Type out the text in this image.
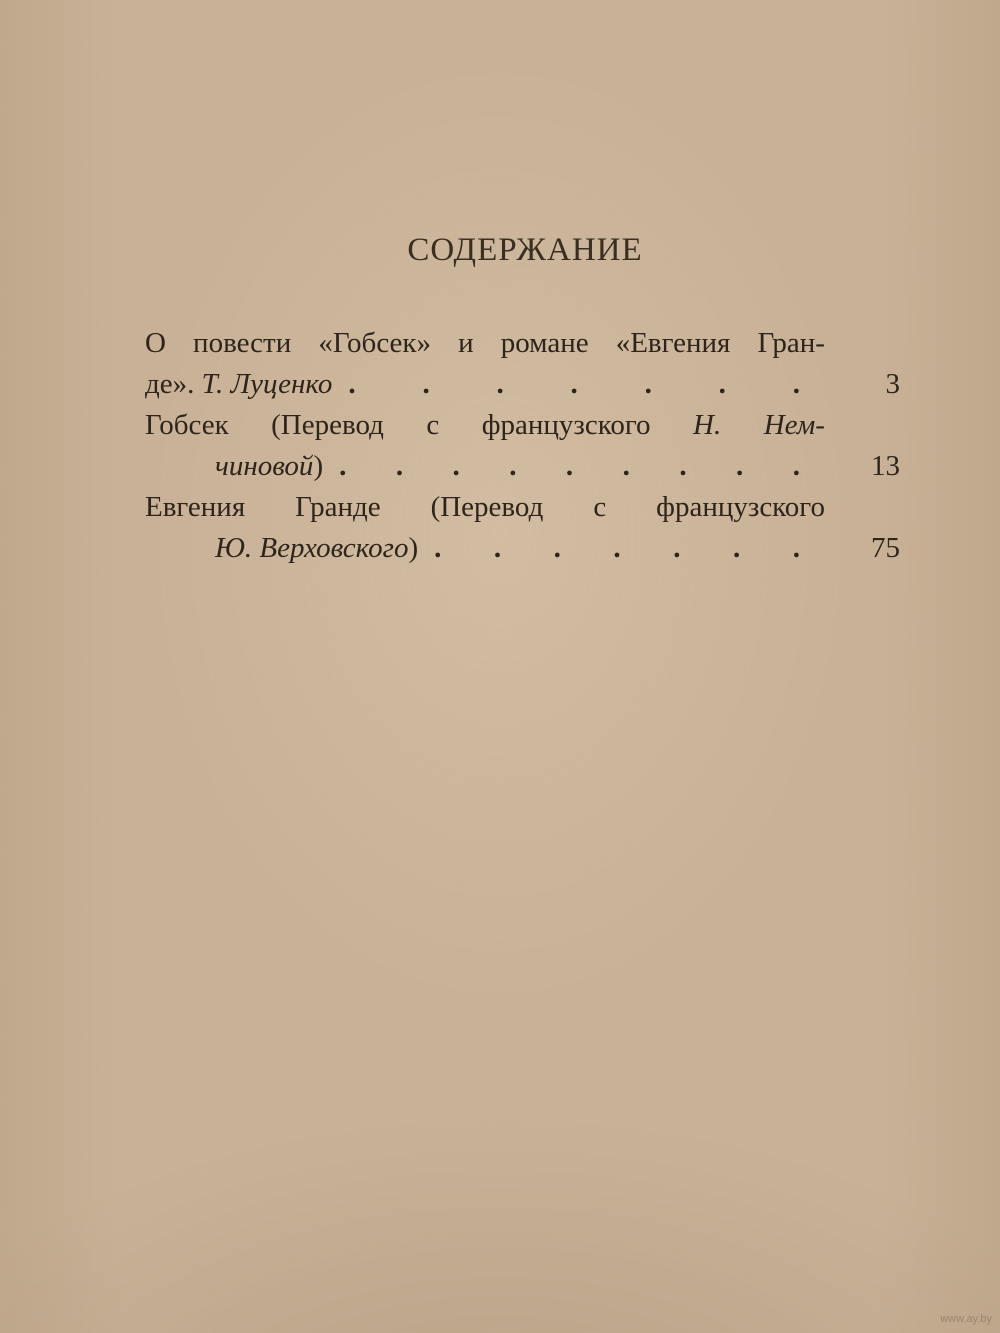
СОДЕРЖАНИЕ
О повести «Гобсек» и романе «Евгения Гран-
де».
Т. Луценко . . . . . . .	3
Гобсек (Перевод с французского Н. Нем-
чиновой ) . . . . . . . . .	13
Евгения Гранде (Перевод с французского
Ю. Верховского ) . . . . . . .	75
www.ay.by
